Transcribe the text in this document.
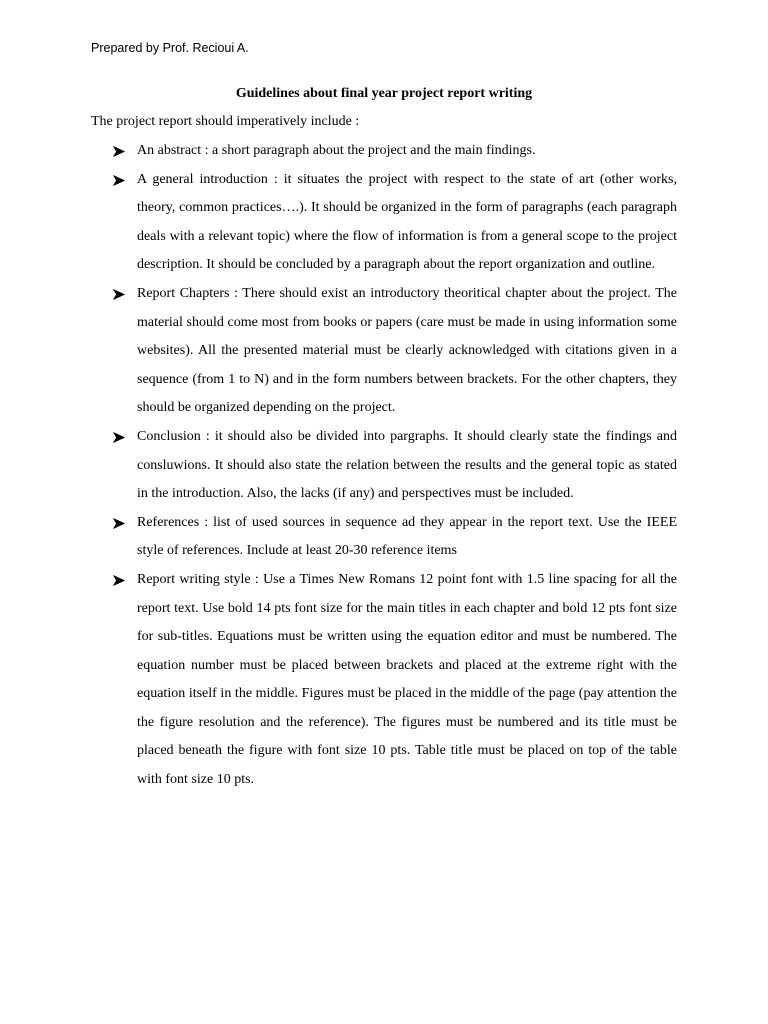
Prepared by Prof. Recioui A.
Guidelines about final year project report writing
The project report should imperatively include :
An abstract : a short paragraph about the project and the main findings.
A general introduction : it situates the project with respect to the state of art (other works, theory, common practices….). It should be organized in the form of paragraphs (each paragraph deals with a relevant topic) where the flow of information is from a general scope to the project description. It should be concluded by a paragraph about the report organization and outline.
Report Chapters : There should exist an introductory theoritical chapter about the project. The material should come most from books or papers (care must be made in using information some websites). All the presented material must be clearly acknowledged with citations given in a sequence (from 1 to N) and in the form numbers between brackets. For the other chapters, they should be organized depending on the project.
Conclusion : it should also be divided into pargraphs. It should clearly state the findings and consluwions. It should also state the relation between the results and the general topic as stated in the introduction. Also, the lacks (if any) and perspectives must be included.
References : list of used sources in sequence ad they appear in the report text. Use the IEEE style of references. Include at least 20-30 reference items
Report writing style : Use a Times New Romans 12 point font with 1.5 line spacing for all the report text. Use bold 14 pts font size for the main titles in each chapter and bold 12 pts font size for sub-titles. Equations must be written using the equation editor and must be numbered. The equation number must be placed between brackets and placed at the extreme right with the equation itself in the middle. Figures must be placed in the middle of the page (pay attention the the figure resolution and the reference). The figures must be numbered and its title must be placed beneath the figure with font size 10 pts. Table title must be placed on top of the table with font size 10 pts.
